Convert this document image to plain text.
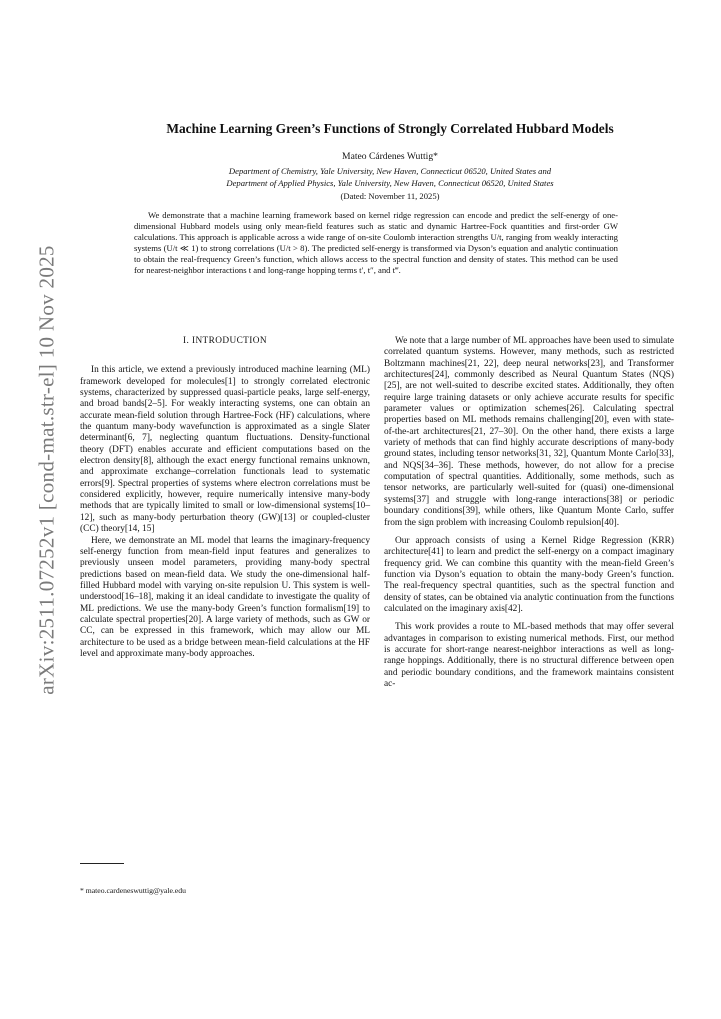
arXiv:2511.07252v1 [cond-mat.str-el] 10 Nov 2025
Machine Learning Green’s Functions of Strongly Correlated Hubbard Models
Mateo Cárdenes Wuttig*
Department of Chemistry, Yale University, New Haven, Connecticut 06520, United States and
Department of Applied Physics, Yale University, New Haven, Connecticut 06520, United States
(Dated: November 11, 2025)

We demonstrate that a machine learning framework based on kernel ridge regression can encode and predict the self-energy of one-dimensional Hubbard models using only mean-field features such as static and dynamic Hartree-Fock quantities and first-order GW calculations. This approach is applicable across a wide range of on-site Coulomb interaction strengths U/t, ranging from weakly interacting systems (U/t ≪ 1) to strong correlations (U/t > 8). The predicted self-energy is transformed via Dyson’s equation and analytic continuation to obtain the real-frequency Green’s function, which allows access to the spectral function and density of states. This method can be used for nearest-neighbor interactions t and long-range hopping terms t′, t″, and t‴.

I. INTRODUCTION

In this article, we extend a previously introduced machine learning (ML) framework developed for molecules[1] to strongly correlated electronic systems, characterized by suppressed quasi-particle peaks, large self-energy, and broad bands[2–5]. For weakly interacting systems, one can obtain an accurate mean-field solution through Hartree-Fock (HF) calculations, where the quantum many-body wavefunction is approximated as a single Slater determinant[6, 7], neglecting quantum fluctuations. Density-functional theory (DFT) enables accurate and efficient computations based on the electron density[8], although the exact energy functional remains unknown, and approximate exchange–correlation functionals lead to systematic errors[9]. Spectral properties of systems where electron correlations must be considered explicitly, however, require numerically intensive many-body methods that are typically limited to small or low-dimensional systems[10–12], such as many-body perturbation theory (GW)[13] or coupled-cluster (CC) theory[14, 15]

Here, we demonstrate an ML model that learns the imaginary-frequency self-energy function from mean-field input features and generalizes to previously unseen model parameters, providing many-body spectral predictions based on mean-field data. We study the one-dimensional half-filled Hubbard model with varying on-site repulsion U. This system is well-understood[16–18], making it an ideal candidate to investigate the quality of ML predictions. We use the many-body Green’s function formalism[19] to calculate spectral properties[20]. A large variety of methods, such as GW or CC, can be expressed in this framework, which may allow our ML architecture to be used as a bridge between mean-field calculations at the HF level and approximate many-body approaches.

We note that a large number of ML approaches have been used to simulate correlated quantum systems. However, many methods, such as restricted Boltzmann machines[21, 22], deep neural networks[23], and Transformer architectures[24], commonly described as Neural Quantum States (NQS)[25], are not well-suited to describe excited states. Additionally, they often require large training datasets or only achieve accurate results for specific parameter values or optimization schemes[26]. Calculating spectral properties based on ML methods remains challenging[20], even with state-of-the-art architectures[21, 27–30]. On the other hand, there exists a large variety of methods that can find highly accurate descriptions of many-body ground states, including tensor networks[31, 32], Quantum Monte Carlo[33], and NQS[34–36]. These methods, however, do not allow for a precise computation of spectral quantities. Additionally, some methods, such as tensor networks, are particularly well-suited for (quasi) one-dimensional systems[37] and struggle with long-range interactions[38] or periodic boundary conditions[39], while others, like Quantum Monte Carlo, suffer from the sign problem with increasing Coulomb repulsion[40].

Our approach consists of using a Kernel Ridge Regression (KRR) architecture[41] to learn and predict the self-energy on a compact imaginary frequency grid. We can combine this quantity with the mean-field Green’s function via Dyson’s equation to obtain the many-body Green’s function. The real-frequency spectral quantities, such as the spectral function and density of states, can be obtained via analytic continuation from the functions calculated on the imaginary axis[42].

This work provides a route to ML-based methods that may offer several advantages in comparison to existing numerical methods. First, our method is accurate for short-range nearest-neighbor interactions as well as long-range hoppings. Additionally, there is no structural difference between open and periodic boundary conditions, and the framework maintains consistent ac-

* mateo.cardeneswuttig@yale.edu
